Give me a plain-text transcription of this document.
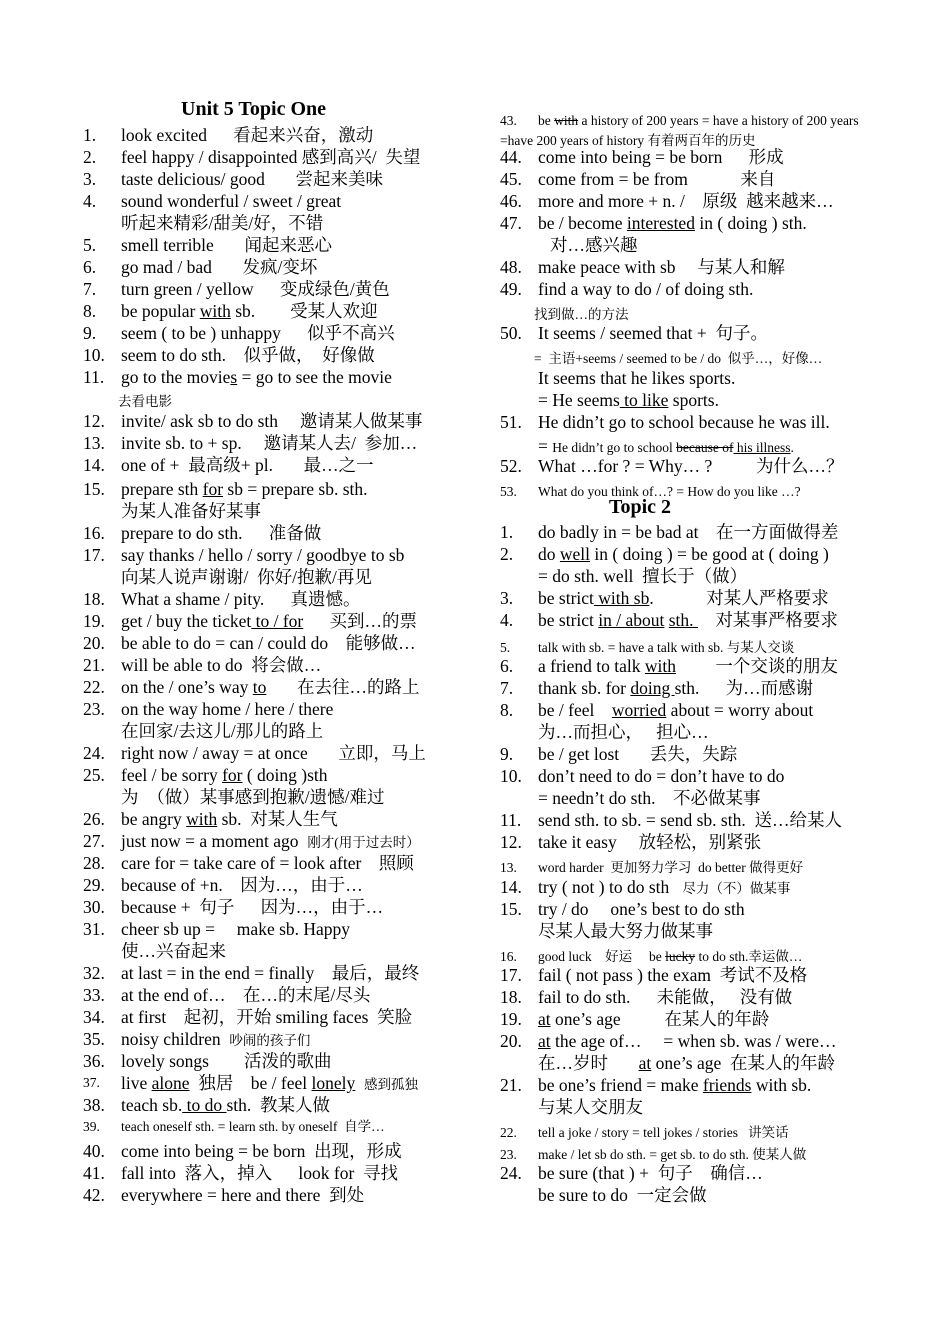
Unit 5 Topic One
Topic 2
1. look excited      看起来兴奋，激动
2. feel happy / disappointed 感到高兴/  失望
3. taste delicious/ good       尝起来美味
4. sound wonderful / sweet / great
听起来精彩/甜美/好，不错
5. smell terrible       闻起来恶心
6. go mad / bad       发疯/变坏
7. turn green / yellow      变成绿色/黄色
8. be popular with sb.        受某人欢迎
9. seem ( to be ) unhappy      似乎不高兴
10. seem to do sth.    似乎做，  好像做
11. go to the movies = go to see the movie
去看电影
12. invite/ ask sb to do sth     邀请某人做某事
13. invite sb. to + sp.     邀请某人去/  参加…
14. one of +  最高级+ pl.       最…之一
15. prepare sth for sb = prepare sb. sth.
为某人准备好某事
16. prepare to do sth.      准备做
17. say thanks / hello / sorry / goodbye to sb
向某人说声谢谢/  你好/抱歉/再见
18. What a shame / pity.      真遗憾。
19. get / buy the ticket to / for      买到…的票
20. be able to do = can / could do    能够做…
21. will be able to do  将会做…
22. on the / one’s way to       在去往…的路上
23. on the way home / here / there
在回家/去这儿/那儿的路上
24. right now / away = at once       立即，马上
25. feel / be sorry for ( doing )sth
为  （做）某事感到抱歉/遗憾/难过
26. be angry with sb.  对某人生气
27. just now = a moment ago  刚才(用于过去时）
28. care for = take care of = look after    照顾
29. because of +n.    因为…，由于…
30. because +  句子      因为…，由于…
31. cheer sb up =     make sb. Happy
使…兴奋起来
32. at last = in the end = finally    最后，最终
33. at the end of…    在…的末尾/尽头
34. at first    起初，开始 smiling faces  笑脸
35. noisy children  吵闹的孩子们
36. lovely songs        活泼的歌曲
37. live alone  独居    be / feel lonely 感到孤独
38. teach sb. to do sth.  教某人做
39. teach oneself sth. = learn sth. by oneself  自学…
40. come into being = be born  出现，形成
41. fall into  落入，掉入      look for  寻找
42. everywhere = here and there  到处
43. be with a history of 200 years = have a history of 200 years
=have 200 years of history 有着两百年的历史
44. come into being = be born      形成
45. come from = be from            来自
46. more and more + n. /    原级  越来越来…
47. be / become interested in ( doing ) sth.
对…感兴趣
48. make peace with sb     与某人和解
49. find a way to do / of doing sth.
找到做…的方法
50. It seems / seemed that +  句子。
=  主语+seems / seemed to be / do  似乎…，好像…
It seems that he likes sports.
= He seems to like sports.
51. He didn’t go to school because he was ill.
= He didn’t go to school because of his illness.
52. What …for ? = Why… ?          为什么…？
53. What do you think of…? = How do you like …?
1. do badly in = be bad at    在一方面做得差
2. do well in ( doing ) = be good at ( doing )
= do sth. well  擅长于（做）
3. be strict with sb.            对某人严格要求
4. be strict in / about sth.     对某事严格要求
5. talk with sb. = have a talk with sb. 与某人交谈
6. a friend to talk with         一个交谈的朋友
7. thank sb. for doing sth.      为…而感谢
8. be / feel    worried about = worry about
为…而担心，   担心…
9. be / get lost       丢失，失踪
10. don’t need to do = don’t have to do
= needn’t do sth.    不必做某事
11. send sth. to sb. = send sb. sth.  送…给某人
12. take it easy     放轻松，别紧张
13. word harder  更加努力学习  do better 做得更好
14. try ( not ) to do sth   尽力（不）做某事
15. try / do     one’s best to do sth
尽某人最大努力做某事
16. good luck    好运     be lucky to do sth.幸运做…
17. fail ( not pass ) the exam  考试不及格
18. fail to do sth.      未能做，   没有做
19. at one’s age          在某人的年龄
20. at the age of…     = when sb. was / were…
在…岁时       at one’s age  在某人的年龄
21. be one’s friend = make friends with sb.
与某人交朋友
22. tell a joke / story = tell jokes / stories   讲笑话
23. make / let sb do sth. = get sb. to do sth. 使某人做
24. be sure (that ) +  句子    确信…
be sure to do  一定会做
